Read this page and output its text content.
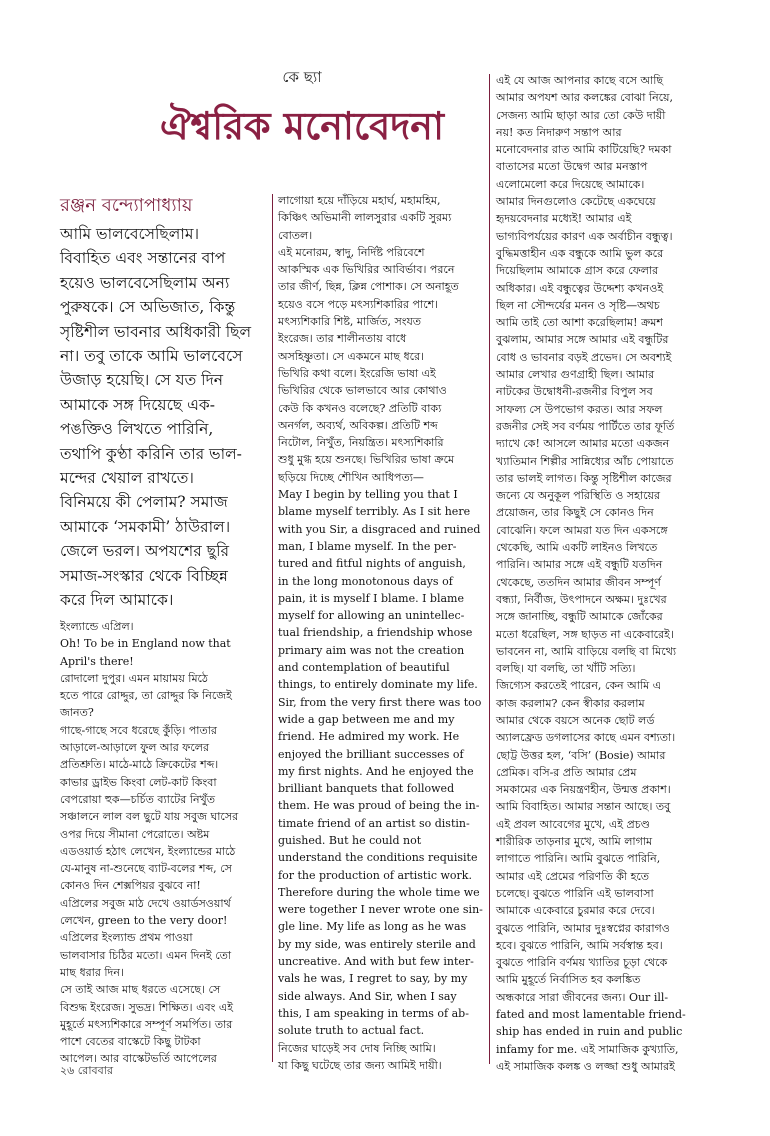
কে ছ্যা
ঐশ্বরিক মনোবেদনা
রঞ্জন বন্দ্যোপাধ্যায়
আমি ভালবেসেছিলাম।
বিবাহিত এবং সন্তানের বাপ
হয়েও ভালবেসেছিলাম অন্য
পুরুষকে। সে অভিজাত, কিন্তু
সৃষ্টিশীল ভাবনার অধিকারী ছিল
না। তবু তাকে আমি ভালবেসে
উজাড় হয়েছি। সে যত দিন
আমাকে সঙ্গ দিয়েছে এক-
পঙক্তিও লিখতে পারিনি,
তথাপি কুণ্ঠা করিনি তার ভাল-
মন্দের খেয়াল রাখতে।
বিনিময়ে কী পেলাম? সমাজ
আমাকে ‘সমকামী’ ঠাউরাল।
জেলে ভরল। অপযশের ছুরি
সমাজ-সংস্কার থেকে বিচ্ছিন্ন
করে দিল আমাকে।
ইংল্যান্ডে এপ্রিল।
Oh! To be in England now that
April's there!
রোদালো দুপুর। এমন মায়াময় মিঠে
হতে পারে রোদ্দুর, তা রোদ্দুর কি নিজেই
জানত?
গাছে-গাছে সবে ধরেছে কুঁড়ি। পাতার
আড়ালে-আড়ালে ফুল আর ফলের
প্রতিশ্রুতি। মাঠে-মাঠে ক্রিকেটের শব্দ।
কাভার ড্রাইভ কিংবা লেট-কাট কিংবা
বেপরোয়া হুক—চর্চিত ব্যাটের নিখুঁত
সঞ্চালনে লাল বল ছুটে যায় সবুজ ঘাসের
ওপর দিয়ে সীমানা পেরোতে। অষ্টম
এডওয়ার্ড হঠাৎ লেখেন, ইংল্যান্ডের মাঠে
যে-মানুষ না-শুনেছে ব্যাট-বলের শব্দ, সে
কোনও দিন শেক্সপিয়র বুঝবে না!
এপ্রিলের সবুজ মাঠ দেখে ওয়ার্ডসওয়ার্থ
লেখেন, green to the very door!
এপ্রিলের ইংল্যান্ড প্রথম পাওয়া
ভালবাসার চিঠির মতো। এমন দিনই তো
মাছ ধরার দিন।
সে তাই আজ মাছ ধরতে এসেছে। সে
বিশুদ্ধ ইংরেজ। সুভদ্র। শিক্ষিত। এবং এই
মুহূর্তে মৎস্যশিকারে সম্পূর্ণ সমর্পিত। তার
পাশে বেতের বাস্কেটে কিছু টাটকা
আপেল। আর বাস্কেটভর্তি আপেলের
লাগোয়া হয়ে দাঁড়িয়ে মহার্ঘ, মহামহিম,
কিঞ্চিৎ অভিমানী লালসুরার একটি সুরম্য
বোতল।
এই মনোরম, স্বাদু, নির্দিষ্ট পরিবেশে
আকস্মিক এক ভিখিরির আবির্ভাব। পরনে
তার জীর্ণ, ছিন্ন, ক্লিন্ন পোশাক। সে অনাহূত
হয়েও বসে পড়ে মৎস্যশিকারির পাশে।
মৎস্যশিকারি শিষ্ট, মার্জিত, সংযত
ইংরেজ। তার শালীনতায় বাধে
অসহিষ্ণুতা। সে একমনে মাছ ধরে।
ভিখিরি কথা বলে। ইংরেজি ভাষা এই
ভিখিরির থেকে ভালভাবে আর কোথাও
কেউ কি কখনও বলেছে? প্রতিটি বাক্য
অনর্গল, অব্যর্থ, অবিকল্প। প্রতিটি শব্দ
নিটোল, নিখুঁত, নিয়ন্ত্রিত। মৎস্যশিকারি
শুধু মুগ্ধ হয়ে শুনছে। ভিখিরির ভাষা ক্রমে
ছড়িয়ে দিচ্ছে শৌখিন আধিপত্য—
May I begin by telling you that I
blame myself terribly. As I sit here
with you Sir, a disgraced and ruined
man, I blame myself. In the per-
tured and fitful nights of anguish,
in the long monotonous days of
pain, it is myself I blame. I blame
myself for allowing an unintellec-
tual friendship, a friendship whose
primary aim was not the creation
and contemplation of beautiful
things, to entirely dominate my life.
Sir, from the very first there was too
wide a gap between me and my
friend. He admired my work. He
enjoyed the brilliant successes of
my first nights. And he enjoyed the
brilliant banquets that followed
them. He was proud of being the in-
timate friend of an artist so distin-
guished. But he could not
understand the conditions requisite
for the production of artistic work.
Therefore during the whole time we
were together I never wrote one sin-
gle line. My life as long as he was
by my side, was entirely sterile and
uncreative. And with but few inter-
vals he was, I regret to say, by my
side always. And Sir, when I say
this, I am speaking in terms of ab-
solute truth to actual fact.
নিজের ঘাড়েই সব দোষ নিচ্ছি আমি।
যা কিছু ঘটেছে তার জন্য আমিই দায়ী।
এই যে আজ আপনার কাছে বসে আছি
আমার অপযশ আর কলঙ্কের বোঝা নিয়ে,
সেজন্য আমি ছাড়া আর তো কেউ দায়ী
নয়! কত নিদারুণ সন্তাপ আর
মনোবেদনার রাত আমি কাটিয়েছি? দমকা
বাতাসের মতো উদ্বেগ আর মনস্তাপ
এলোমেলো করে দিয়েছে আমাকে।
আমার দিনগুলোও কেটেছে একঘেয়ে
হৃদয়বেদনার মধ্যেই! আমার এই
ভাগ্যবিপর্যয়ের কারণ এক অর্বাচীন বন্ধুত্ব।
বুদ্ধিমত্তাহীন এক বন্ধুকে আমি ভুল করে
দিয়েছিলাম আমাকে গ্রাস করে ফেলার
অধিকার। এই বন্ধুত্বের উদ্দেশ্য কখনওই
ছিল না সৌন্দর্যের মনন ও সৃষ্টি—অথচ
আমি তাই তো আশা করেছিলাম! ক্রমশ
বুঝলাম, আমার সঙ্গে আমার এই বন্ধুটির
বোধ ও ভাবনার বড়ই প্রভেদ। সে অবশ্যই
আমার লেখার গুণগ্রাহী ছিল। আমার
নাটকের উদ্বোধনী-রজনীর বিপুল সব
সাফল্য সে উপভোগ করত। আর সফল
রজনীর সেই সব বর্ণময় পার্টিতে তার ফূর্তি
দ্যাখে কে! আসলে আমার মতো একজন
খ্যাতিমান শিল্পীর সান্নিধ্যের আঁচ পোয়াতে
তার ভালই লাগত। কিন্তু সৃষ্টিশীল কাজের
জন্যে যে অনুকূল পরিস্থিতি ও সহায়ের
প্রয়োজন, তার কিছুই সে কোনও দিন
বোঝেনি। ফলে আমরা যত দিন একসঙ্গে
থেকেছি, আমি একটি লাইনও লিখতে
পারিনি। আমার সঙ্গে এই বন্ধুটি যতদিন
থেকেছে, ততদিন আমার জীবন সম্পূর্ণ
বন্ধ্যা, নির্বীজ, উৎপাদনে অক্ষম। দুঃখের
সঙ্গে জানাচ্ছি, বন্ধুটি আমাকে জোঁকের
মতো ধরেছিল, সঙ্গ ছাড়ত না একেবারেই।
ভাবনেন না, আমি বাড়িয়ে বলছি বা মিথ্যে
বলছি। যা বলছি, তা খাঁটি সত্যি।
জিগ্যেস করতেই পারেন, কেন আমি এ
কাজ করলাম? কেন স্বীকার করলাম
আমার থেকে বয়সে অনেক ছোট লর্ড
অ্যালফ্রেড ডগলাসের কাছে এমন বশ্যতা।
ছোট্ট উত্তর হল, ‘বসি’ (Bosie) আমার
প্রেমিক। বসি-র প্রতি আমার প্রেম
সমকামের এক নিয়ন্ত্রণহীন, উন্মত্ত প্রকাশ।
আমি বিবাহিত। আমার সন্তান আছে। তবু
এই প্রবল আবেগের মুখে, এই প্রচণ্ড
শারীরিক তাড়নার মুখে, আমি লাগাম
লাগাতে পারিনি। আমি বুঝতে পারিনি,
আমার এই প্রেমের পরিণতি কী হতে
চলেছে। বুঝতে পারিনি এই ভালবাসা
আমাকে একেবারে চুরমার করে দেবে।
বুঝতে পারিনি, আমার দুঃস্বপ্নের কারাগও
হবে। বুঝতে পারিনি, আমি সর্বস্বান্ত হব।
বুঝতে পারিনি বর্ণময় খ্যাতির চূড়া থেকে
আমি মুহূর্তে নির্বাসিত হব কলঙ্কিত
অন্ধকারে সারা জীবনের জন্য। Our ill-
fated and most lamentable friend-
ship has ended in ruin and public
infamy for me. এই সামাজিক কুখ্যাতি,
এই সামাজিক কলঙ্ক ও লজ্জা শুধু আমারই
২৬ রোববার
